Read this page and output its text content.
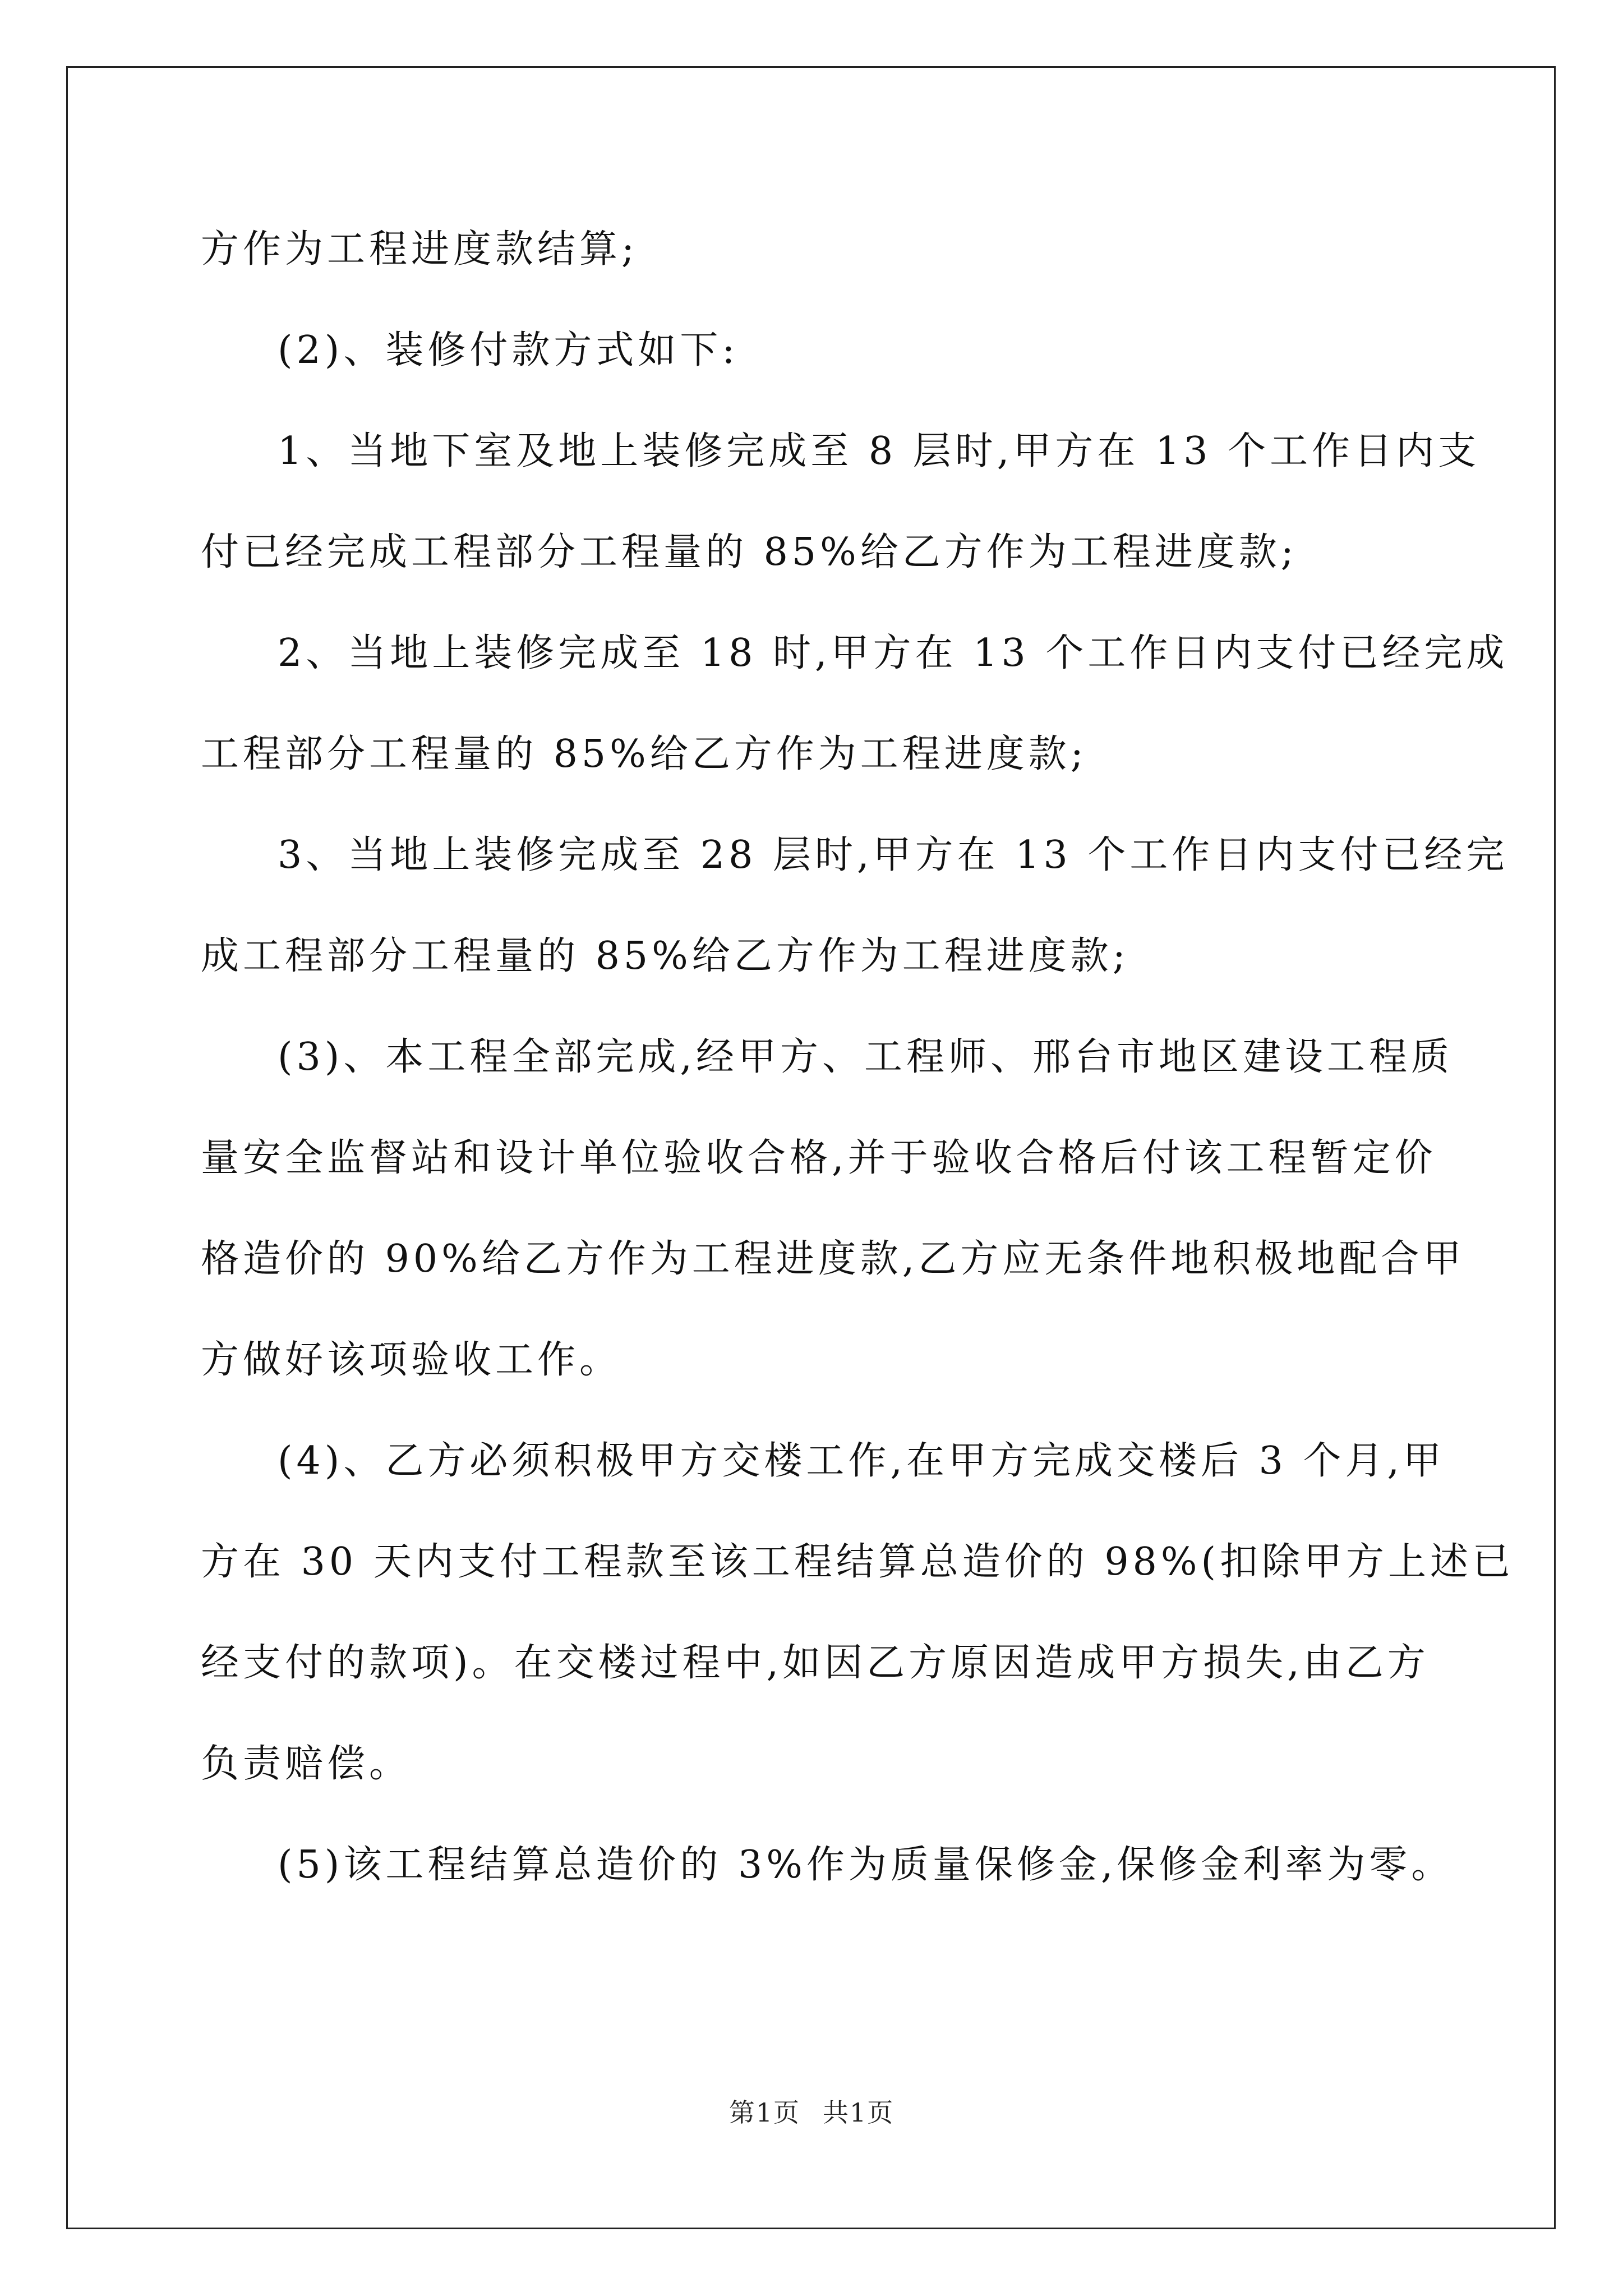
方作为工程进度款结算;
(2)、装修付款方式如下:
1、当地下室及地上装修完成至 8 层时,甲方在 13 个工作日内支
付已经完成工程部分工程量的 85%给乙方作为工程进度款;
2、当地上装修完成至 18 时,甲方在 13 个工作日内支付已经完成
工程部分工程量的 85%给乙方作为工程进度款;
3、当地上装修完成至 28 层时,甲方在 13 个工作日内支付已经完
成工程部分工程量的 85%给乙方作为工程进度款;
(3)、本工程全部完成,经甲方、工程师、邢台市地区建设工程质
量安全监督站和设计单位验收合格,并于验收合格后付该工程暂定价
格造价的 90%给乙方作为工程进度款,乙方应无条件地积极地配合甲
方做好该项验收工作。
(4)、乙方必须积极甲方交楼工作,在甲方完成交楼后 3 个月,甲
方在 30 天内支付工程款至该工程结算总造价的 98%(扣除甲方上述已
经支付的款项)。在交楼过程中,如因乙方原因造成甲方损失,由乙方
负责赔偿。
(5)该工程结算总造价的 3%作为质量保修金,保修金利率为零。
第1页 共1页
